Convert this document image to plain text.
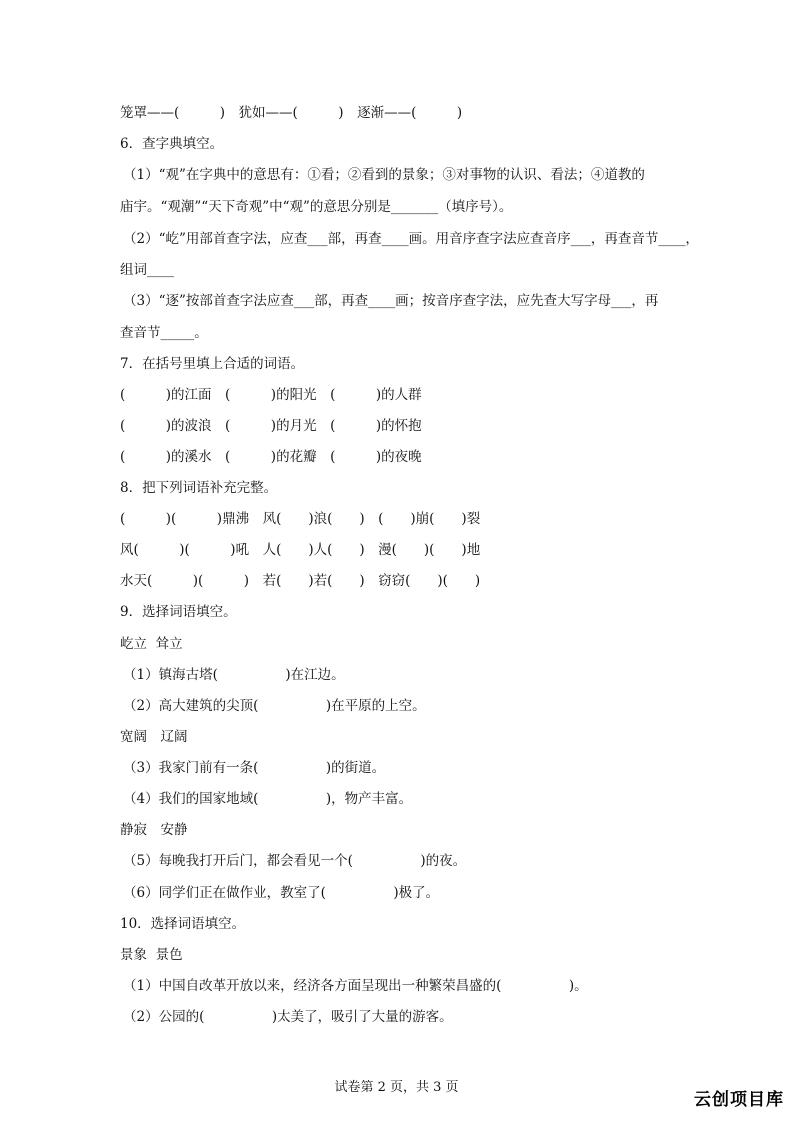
笼罩——(　　　)　犹如——(　　　)　逐渐——(　　　)
6．查字典填空。
（1）“观”在字典中的意思有：①看；②看到的景象；③对事物的认识、看法；④道教的
庙宇。“观潮”“天下奇观”中“观”的意思分别是_______（填序号）。
（2）“屹”用部首查字法，应查___部，再查____画。用音序查字法应查音序___，再查音节____，
组词____
（3）“逐”按部首查字法应查___部，再查____画；按音序查字法，应先查大写字母___，再
查音节_____。
7．在括号里填上合适的词语。
(　　　)的江面　(　　　)的阳光　(　　　)的人群
(　　　)的波浪　(　　　)的月光　(　　　)的怀抱
(　　　)的溪水　(　　　)的花瓣　(　　　)的夜晚
8．把下列词语补充完整。
(　　　)(　　　)鼎沸　风(　　)浪(　　)　(　　)崩(　　)裂
风(　　　)(　　　)吼　人(　　)人(　　)　漫(　　)(　　)地
水天(　　　)(　　　)　若(　　)若(　　)　窃窃(　　)(　　)
9．选择词语填空。
屹立  耸立
（1）镇海古塔(　　　　　)在江边。
（2）高大建筑的尖顶(　　　　　)在平原的上空。
宽阔　辽阔
（3）我家门前有一条(　　　　　)的街道。
（4）我们的国家地域(　　　　　)，物产丰富。
静寂　安静
（5）每晚我打开后门，都会看见一个(　　　　　)的夜。
（6）同学们正在做作业，教室了(　　　　　)极了。
10．选择词语填空。
景象  景色
（1）中国自改革开放以来，经济各方面呈现出一种繁荣昌盛的(　　　　　)。
（2）公园的(　　　　　)太美了，吸引了大量的游客。
试卷第 2 页，共 3 页
云创项目库
